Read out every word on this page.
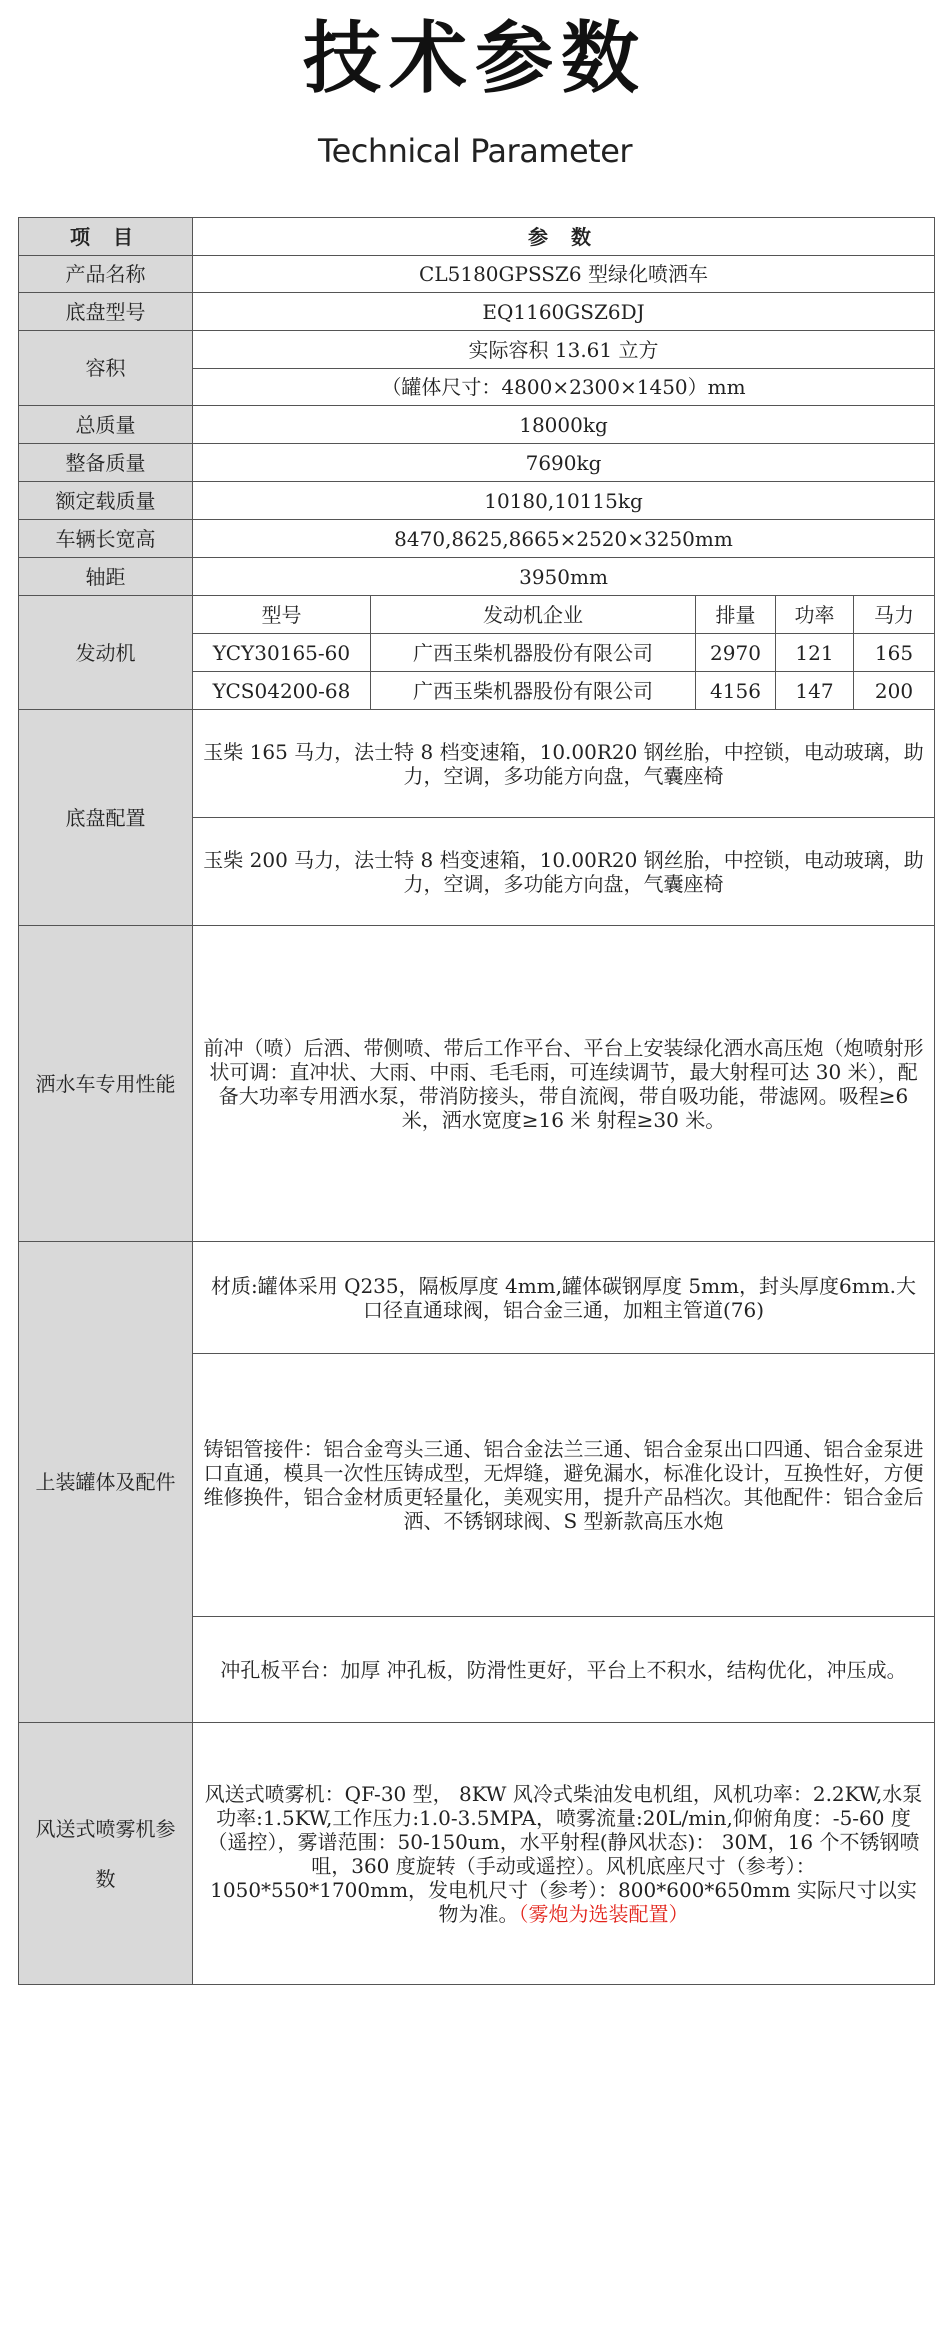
技术参数
Technical Parameter
项 目	参 数				
产品名称	CL5180GPSSZ6 型绿化喷洒车				
底盘型号	EQ1160GSZ6DJ				
容积	实际容积 13.61 立方				
	（罐体尺寸：4800×2300×1450）mm				
总质量	18000kg				
整备质量	7690kg				
额定载质量	10180,10115kg				
车辆长宽高	8470,8625,8665×2520×3250mm				
轴距	3950mm				
发动机	型号	发动机企业	排量	功率	马力
	YCY30165-60	广西玉柴机器股份有限公司	2970	121	165
	YCS04200-68	广西玉柴机器股份有限公司	4156	147	200
底盘配置	玉柴 165 马力，法士特 8 档变速箱，10.00R20 钢丝胎，中控锁，电动玻璃，助力，空调，多功能方向盘，气囊座椅				
	玉柴 200 马力，法士特 8 档变速箱，10.00R20 钢丝胎，中控锁，电动玻璃，助力，空调，多功能方向盘，气囊座椅				
洒水车专用性能	前冲（喷）后洒、带侧喷、带后工作平台、平台上安装绿化洒水高压炮（炮喷射形状可调：直冲状、大雨、中雨、毛毛雨，可连续调节，最大射程可达 30 米），配备大功率专用洒水泵，带消防接头，带自流阀，带自吸功能，带滤网。吸程≥6 米，洒水宽度≥16 米 射程≥30 米。				
上装罐体及配件	材质:罐体采用 Q235，隔板厚度 4mm,罐体碳钢厚度 5mm，封头厚度6mm.大口径直通球阀，铝合金三通，加粗主管道(76)				
	铸铝管接件：铝合金弯头三通、铝合金法兰三通、铝合金泵出口四通、铝合金泵进口直通，模具一次性压铸成型，无焊缝，避免漏水，标准化设计，互换性好，方便维修换件，铝合金材质更轻量化，美观实用，提升产品档次。其他配件：铝合金后洒、不锈钢球阀、S 型新款高压水炮				
	冲孔板平台：加厚 冲孔板，防滑性更好，平台上不积水，结构优化，冲压成。				
风送式喷雾机参数	风送式喷雾机：QF-30 型， 8KW 风冷式柴油发电机组，风机功率：2.2KW,水泵功率:1.5KW,工作压力:1.0-3.5MPA，喷雾流量:20L/min,仰俯角度：-5-60 度（遥控），雾谱范围：50-150um，水平射程(静风状态)： 30M，16 个不锈钢喷咀，360 度旋转（手动或遥控）。风机底座尺寸（参考）：1050*550*1700mm，发电机尺寸（参考）：800*600*650mm 实际尺寸以实物为准。（雾炮为选装配置）				
